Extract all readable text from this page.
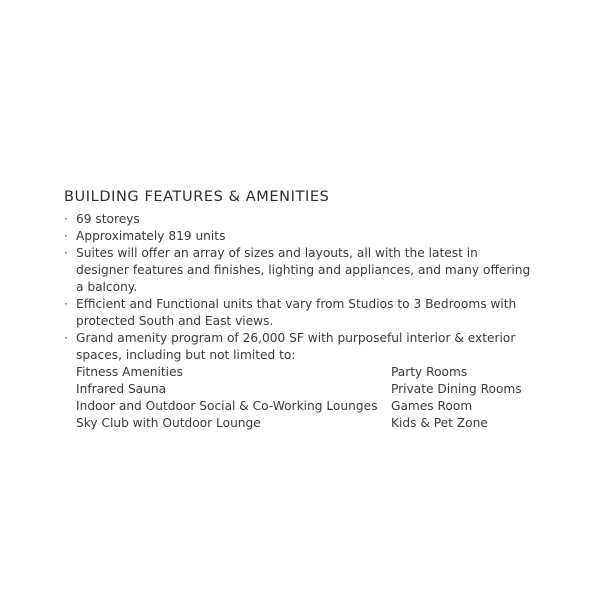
BUILDING FEATURES & AMENITIES
· 69 storeys
· Approximately 819 units
· Suites will offer an array of sizes and layouts, all with the latest in designer features and finishes, lighting and appliances, and many offering a balcony.
· Efficient and Functional units that vary from Studios to 3 Bedrooms with protected South and East views.
· Grand amenity program of 26,000 SF with purposeful interior & exterior spaces, including but not limited to:
Fitness Amenities
Infrared Sauna
Indoor and Outdoor Social & Co-Working Lounges
Sky Club with Outdoor Lounge
Party Rooms
Private Dining Rooms
Games Room
Kids & Pet Zone
